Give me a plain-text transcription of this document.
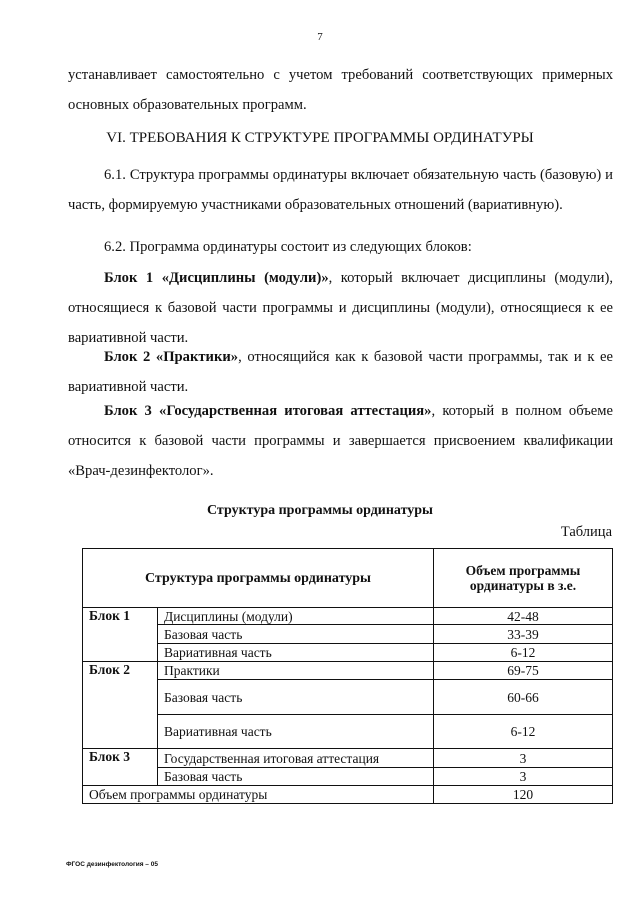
7
устанавливает самостоятельно с учетом требований соответствующих примерных
основных образовательных программ.
VI. ТРЕБОВАНИЯ К СТРУКТУРЕ ПРОГРАММЫ ОРДИНАТУРЫ
6.1. Структура программы ординатуры включает обязательную часть (базовую) и часть, формируемую участниками образовательных отношений (вариативную).
6.2. Программа ординатуры состоит из следующих блоков:
Блок 1 «Дисциплины (модули)», который включает дисциплины (модули), относящиеся к базовой части программы и дисциплины (модули), относящиеся к ее вариативной части.
Блок 2 «Практики», относящийся как к базовой части программы, так и к ее вариативной части.
Блок 3 «Государственная итоговая аттестация», который в полном объеме относится к базовой части программы и завершается присвоением квалификации «Врач-дезинфектолог».
Структура программы ординатуры
Таблица
Структура программы ординатуры		Объем программы ординатуры в з.е.
Блок 1	Дисциплины (модули)	42-48
	Базовая часть	33-39
	Вариативная часть	6-12
Блок 2	Практики	69-75
	Базовая часть	60-66
	Вариативная часть	6-12
Блок 3	Государственная итоговая аттестация	3
	Базовая часть	3
Объем программы ординатуры		120
ФГОС дезинфектология – 05
